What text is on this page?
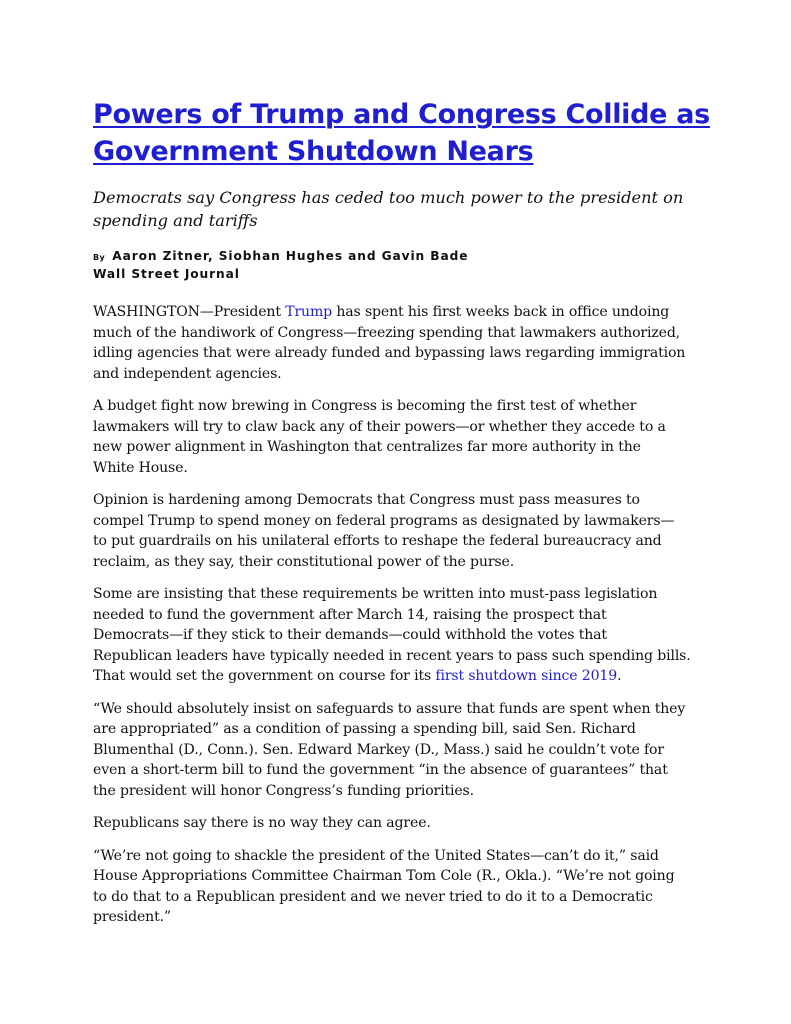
Powers of Trump and Congress Collide as
Government Shutdown Nears

Democrats say Congress has ceded too much power to the president on
spending and tariffs

By Aaron Zitner, Siobhan Hughes and Gavin Bade
Wall Street Journal

WASHINGTON—President Trump has spent his first weeks back in office undoing
much of the handiwork of Congress—freezing spending that lawmakers authorized,
idling agencies that were already funded and bypassing laws regarding immigration
and independent agencies.

A budget fight now brewing in Congress is becoming the first test of whether
lawmakers will try to claw back any of their powers—or whether they accede to a
new power alignment in Washington that centralizes far more authority in the
White House.

Opinion is hardening among Democrats that Congress must pass measures to
compel Trump to spend money on federal programs as designated by lawmakers—
to put guardrails on his unilateral efforts to reshape the federal bureaucracy and
reclaim, as they say, their constitutional power of the purse.

Some are insisting that these requirements be written into must-pass legislation
needed to fund the government after March 14, raising the prospect that
Democrats—if they stick to their demands—could withhold the votes that
Republican leaders have typically needed in recent years to pass such spending bills.
That would set the government on course for its first shutdown since 2019.

“We should absolutely insist on safeguards to assure that funds are spent when they
are appropriated” as a condition of passing a spending bill, said Sen. Richard
Blumenthal (D., Conn.). Sen. Edward Markey (D., Mass.) said he couldn’t vote for
even a short-term bill to fund the government “in the absence of guarantees” that
the president will honor Congress’s funding priorities.

Republicans say there is no way they can agree.

“We’re not going to shackle the president of the United States—can’t do it,” said
House Appropriations Committee Chairman Tom Cole (R., Okla.). “We’re not going
to do that to a Republican president and we never tried to do it to a Democratic
president.”
